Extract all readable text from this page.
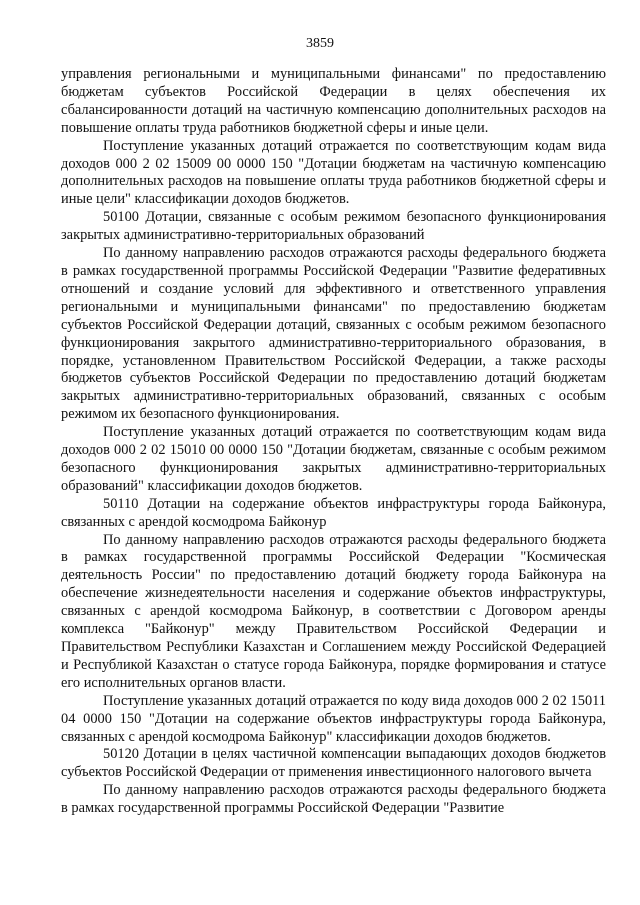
3859

управления региональными и муниципальными финансами" по предоставлению бюджетам субъектов Российской Федерации в целях обеспечения их сбалансированности дотаций на частичную компенсацию дополнительных расходов на повышение оплаты труда работников бюджетной сферы и иные цели.

Поступление указанных дотаций отражается по соответствующим кодам вида доходов 000 2 02 15009 00 0000 150 "Дотации бюджетам на частичную компенсацию дополнительных расходов на повышение оплаты труда работников бюджетной сферы и иные цели" классификации доходов бюджетов.

50100 Дотации, связанные с особым режимом безопасного функционирования закрытых административно-территориальных образований

По данному направлению расходов отражаются расходы федерального бюджета в рамках государственной программы Российской Федерации "Развитие федеративных отношений и создание условий для эффективного и ответственного управления региональными и муниципальными финансами" по предоставлению бюджетам субъектов Российской Федерации дотаций, связанных с особым режимом безопасного функционирования закрытого административно-территориального образования, в порядке, установленном Правительством Российской Федерации, а также расходы бюджетов субъектов Российской Федерации по предоставлению дотаций бюджетам закрытых административно-территориальных образований, связанных с особым режимом их безопасного функционирования.

Поступление указанных дотаций отражается по соответствующим кодам вида доходов 000 2 02 15010 00 0000 150 "Дотации бюджетам, связанные с особым режимом безопасного функционирования закрытых административно-территориальных образований" классификации доходов бюджетов.

50110 Дотации на содержание объектов инфраструктуры города Байконура, связанных с арендой космодрома Байконур

По данному направлению расходов отражаются расходы федерального бюджета в рамках государственной программы Российской Федерации "Космическая деятельность России" по предоставлению дотаций бюджету города Байконура на обеспечение жизнедеятельности населения и содержание объектов инфраструктуры, связанных с арендой космодрома Байконур, в соответствии с Договором аренды комплекса "Байконур" между Правительством Российской Федерации и Правительством Республики Казахстан и Соглашением между Российской Федерацией и Республикой Казахстан о статусе города Байконура, порядке формирования и статусе его исполнительных органов власти.

Поступление указанных дотаций отражается по коду вида доходов 000 2 02 15011 04 0000 150 "Дотации на содержание объектов инфраструктуры города Байконура, связанных с арендой космодрома Байконур" классификации доходов бюджетов.

50120 Дотации в целях частичной компенсации выпадающих доходов бюджетов субъектов Российской Федерации от применения инвестиционного налогового вычета

По данному направлению расходов отражаются расходы федерального бюджета в рамках государственной программы Российской Федерации "Развитие
